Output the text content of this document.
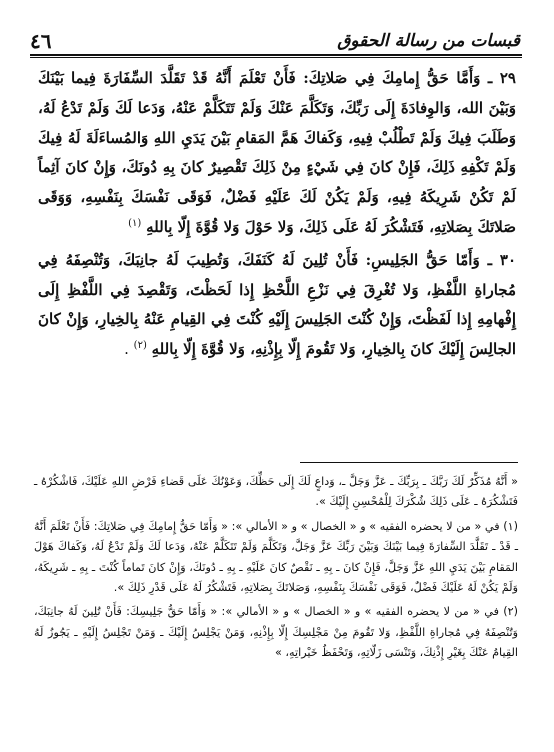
٤٦	قبسات من رسالة الحقوق

٢٩ ـ وَأَمَّا حَقُّ إِمامِكَ فِي صَلاتِكَ: فَأَنْ تَعْلَمَ أَنَّهُ قَدْ تَقَلَّدَ السِّفَارَةَ فِيما بَيْنَكَ وَبَيْنَ الله، وَالوِفادَةَ إِلَى رَبِّكَ، وَتَكَلَّمَ عَنْكَ وَلَمْ تَتَكَلَّمْ عَنْهُ، وَدَعا لَكَ وَلَمْ تَدْعُ لَهُ، وَطَلَبَ فِيكَ وَلَمْ تَطْلُبْ فِيهِ، وَكَفاكَ هَمَّ المَقامِ بَيْنَ يَدَيِ اللهِ وَالمُساءَلَةَ لَهُ فِيكَ وَلَمْ تَكْفِهِ ذَلِكَ، فَإِنْ كانَ فِي شَيْءٍ مِنْ ذَلِكَ تَقْصِيرٌ كانَ بِهِ دُونَكَ، وَإِنْ كانَ آثِماً لَمْ تَكُنْ شَرِيكَهُ فِيهِ، وَلَمْ يَكُنْ لَكَ عَلَيْهِ فَضْلٌ، فَوَقَى نَفْسَكَ بِنَفْسِهِ، وَوَقَى صَلاتَكَ بِصَلاتِهِ، فَتَشْكُرَ لَهُ عَلَى ذَلِكَ، وَلا حَوْلَ وَلا قُوَّةَ إِلّا بِاللهِ $^{(١)}$

٣٠ ـ وَأَمّا حَقُّ الجَلِيسِ: فَأَنْ تُلِينَ لَهُ كَنَفَكَ، وَتُطِيبَ لَهُ جانِبَكَ، وَتُنْصِفَهُ فِي مُجاراةِ اللَّفْظِ، وَلا تُغْرِقَ فِي نَزْعِ اللَّحْظِ إِذا لَحَظْتَ، وَتَقْصِدَ فِي اللَّفْظِ إِلَى إِفْهامِهِ إِذا لَفَظْتَ، وَإِنْ كُنْتَ الجَلِيسَ إِلَيْهِ كُنْتَ فِي القِيامِ عَنْهُ بِالخِيارِ، وَإِنْ كانَ الجالِسَ إِلَيْكَ كانَ بِالخِيارِ، وَلا تَقُومَ إِلّا بِإِذْنِهِ، وَلا قُوَّةَ إِلّا بِاللهِ $^{(٢)}$ .

« أَنَّهُ مُذَكِّرٌ لَكَ رَبَّكَ ـ بِرَبِّكَ ـ عَزَّ وَجَلَّ ـ، وَداعٍ لَكَ إِلَى حَظِّكَ، وَعَوْنُكَ عَلَى قَضاءِ فَرْضِ اللهِ عَلَيْكَ، فَاشْكُرْهُ ـ فَتَشْكُرَهُ ـ عَلَى ذَلِكَ شُكْرَكَ لِلْمُحْسِنِ إِلَيْكَ ».

(١) في « من لا يحضره الفقيه » و « الخصال » و « الأمالي »: « وَأَمّا حَقُّ إِمامِكَ فِي صَلاتِكَ: فَأَنْ تَعْلَمَ أَنَّهُ ـ قَدْ ـ تَقَلَّدَ السِّفارَةَ فِيما بَيْنَكَ وَبَيْنَ رَبِّكَ عَزَّ وَجَلَّ، وَتَكَلَّمَ وَلَمْ تَتَكَلَّمْ عَنْهُ، وَدَعا لَكَ وَلَمْ تَدْعُ لَهُ، وَكَفاكَ هَوْلَ المَقامِ بَيْنَ يَدَيِ اللهِ عَزَّ وَجَلَّ، فَإِنْ كانَ ـ بِهِ ـ نَقْصٌ كانَ عَلَيْهِ ـ بِهِ ـ دُونَكَ، وَإِنْ كانَ تَماماً كُنْتَ ـ بِهِ ـ شَرِيكَهُ، وَلَمْ يَكُنْ لَهُ عَلَيْكَ فَضْلٌ، فَوَقَى نَفْسَكَ بِنَفْسِهِ، وَصَلاتَكَ بِصَلاتِهِ، فَتَشْكُرُ لَهُ عَلَى قَدْرِ ذَلِكَ ».

(٢) في « من لا يحضره الفقيه » و « الخصال » و « الأمالي »: « وَأَمّا حَقُّ جَلِيسِكَ: فَأَنْ تُلِينَ لَهُ جانِبَكَ، وَتُنْصِفَهُ فِي مُجاراةِ اللَّفْظِ، وَلا تَقُومَ مِنْ مَجْلِسِكَ إِلّا بِإِذْنِهِ، وَمَنْ يَجْلِسُ إِلَيْكَ ـ وَمَنْ تَجْلِسُ إِلَيْهِ ـ يَجُوزُ لَهُ القِيامُ عَنْكَ بِغَيْرِ إِذْنِكَ، وَتَنْسَى زَلّاتِهِ، وَتَحْفَظُ خَيْراتِهِ، »
